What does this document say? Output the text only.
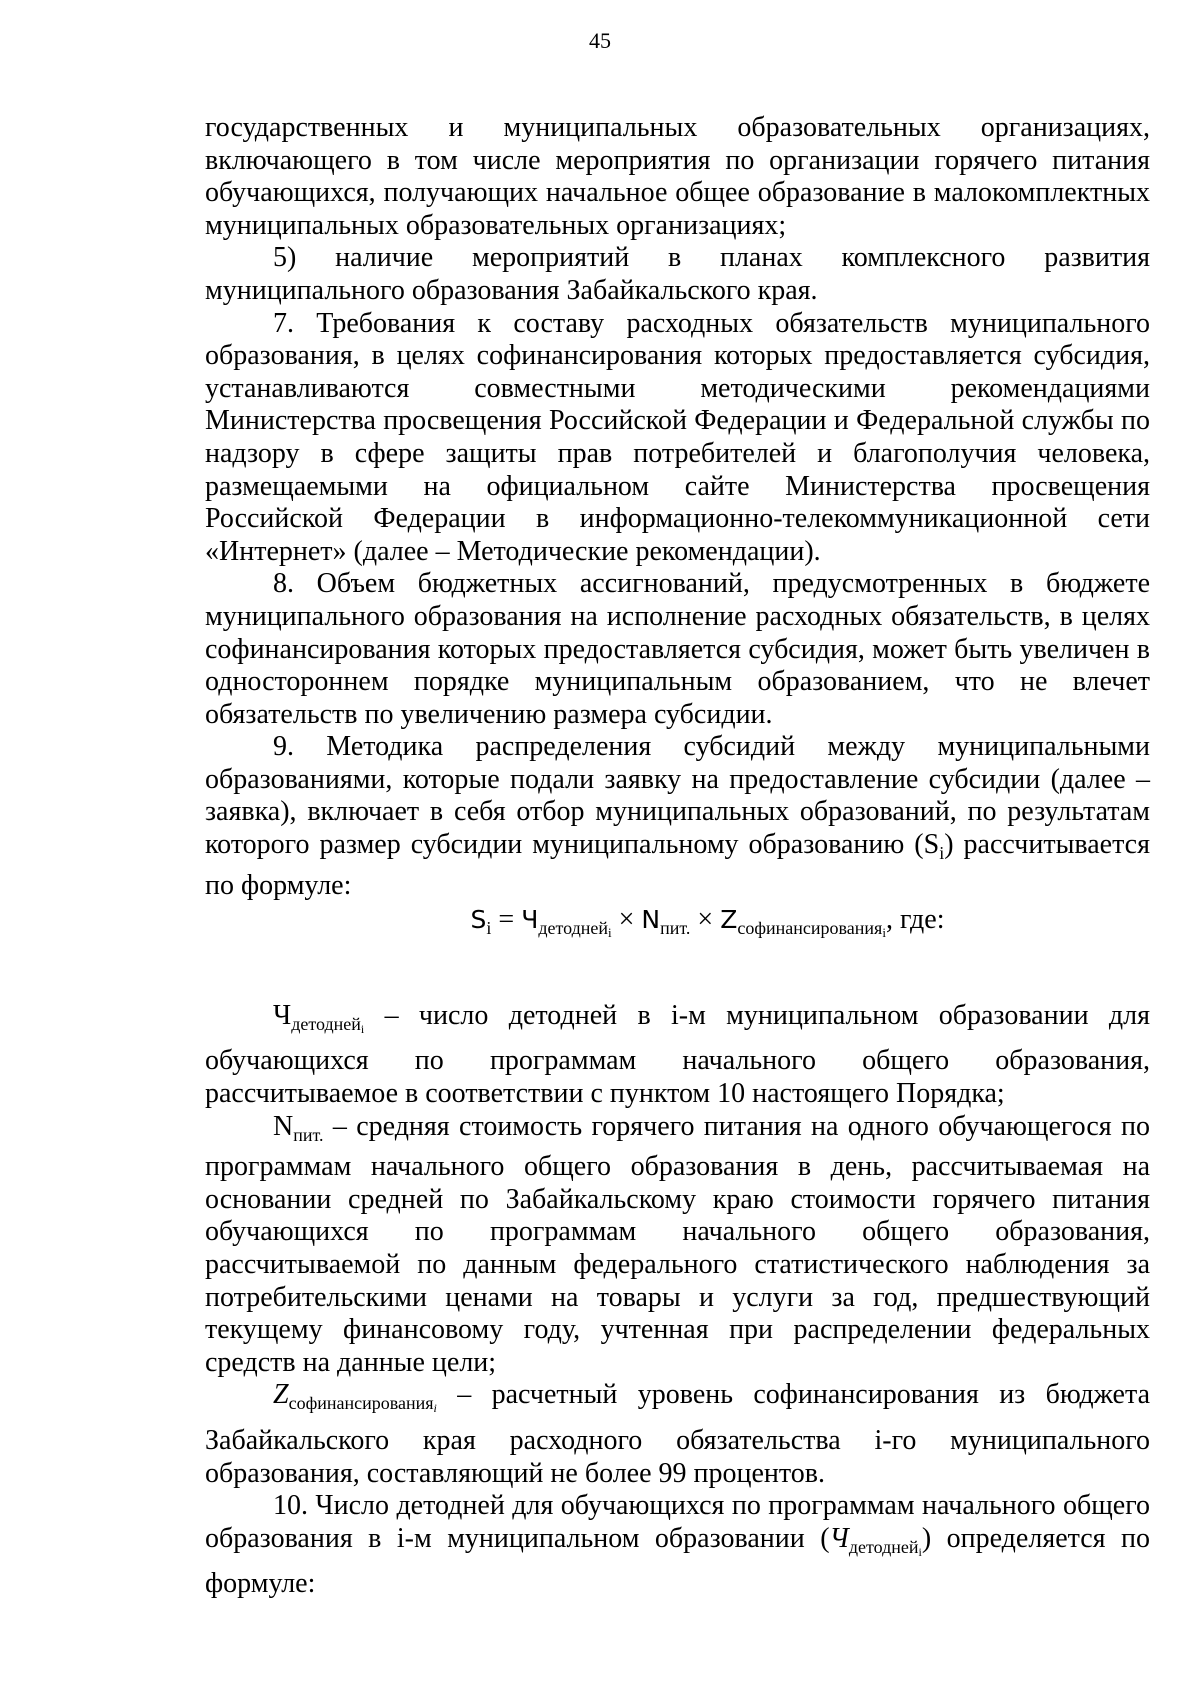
45

государственных и муниципальных образовательных организациях, включающего в том числе мероприятия по организации горячего питания обучающихся, получающих начальное общее образование в малокомплектных муниципальных образовательных организациях;

5) наличие мероприятий в планах комплексного развития муниципального образования Забайкальского края.

7. Требования к составу расходных обязательств муниципального образования, в целях софинансирования которых предоставляется субсидия, устанавливаются совместными методическими рекомендациями Министерства просвещения Российской Федерации и Федеральной службы по надзору в сфере защиты прав потребителей и благополучия человека, размещаемыми на официальном сайте Министерства просвещения Российской Федерации в информационно-телекоммуникационной сети «Интернет» (далее – Методические рекомендации).

8. Объем бюджетных ассигнований, предусмотренных в бюджете муниципального образования на исполнение расходных обязательств, в целях софинансирования которых предоставляется субсидия, может быть увеличен в одностороннем порядке муниципальным образованием, что не влечет обязательств по увеличению размера субсидии.

9. Методика распределения субсидий между муниципальными образованиями, которые подали заявку на предоставление субсидии (далее – заявка), включает в себя отбор муниципальных образований, по результатам которого размер субсидии муниципальному образованию $(S_i)$ рассчитывается по формуле:

$S_i = Ч_{детодней_i} \times N_{пит.} \times Z_{софинансирования_i}$, где:

$Ч_{детодней_i}$ – число детодней в i-м муниципальном образовании для обучающихся по программам начального общего образования, рассчитываемое в соответствии с пунктом 10 настоящего Порядка;

$N_{пит.}$ – средняя стоимость горячего питания на одного обучающегося по программам начального общего образования в день, рассчитываемая на основании средней по Забайкальскому краю стоимости горячего питания обучающихся по программам начального общего образования, рассчитываемой по данным федерального статистического наблюдения за потребительскими ценами на товары и услуги за год, предшествующий текущему финансовому году, учтенная при распределении федеральных средств на данные цели;

$Z_{софинансирования_i}$ – расчетный уровень софинансирования из бюджета Забайкальского края расходного обязательства i-го муниципального образования, составляющий не более 99 процентов.

10. Число детодней для обучающихся по программам начального общего образования в i-м муниципальном образовании $(Ч_{детодней_i})$ определяется по формуле:
